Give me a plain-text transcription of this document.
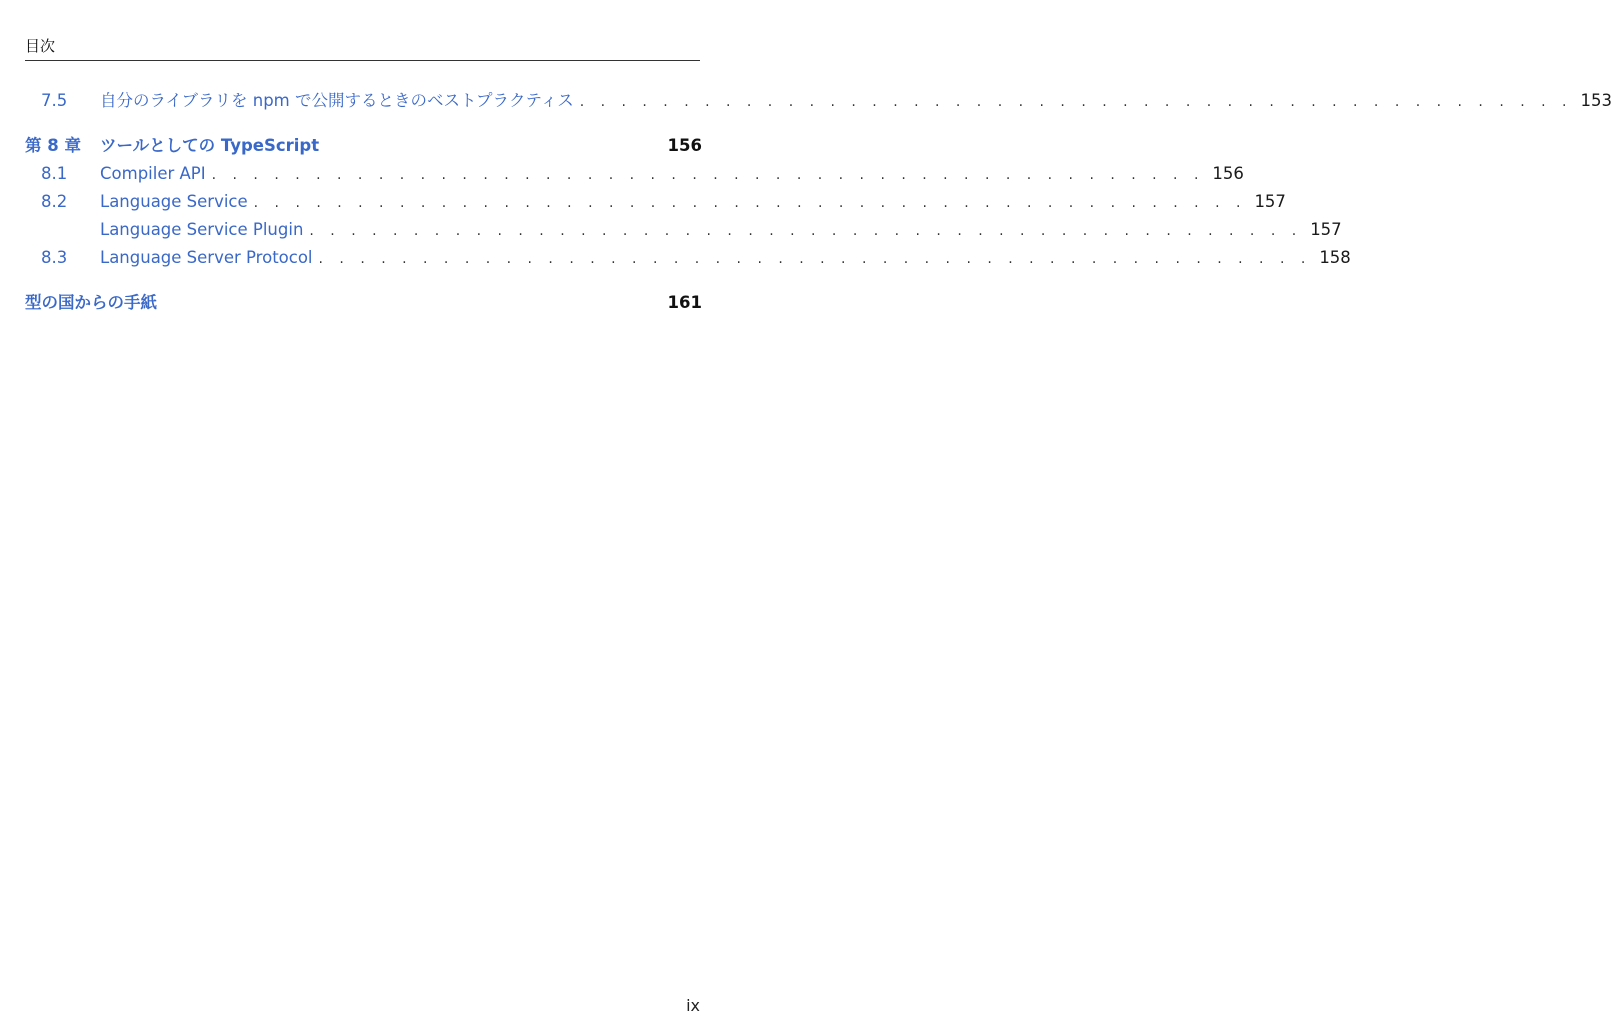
目次
7.5	自分のライブラリを npm で公開するときのベストプラクティス . . . . . . . . . . . . . . . . . . . . . . . . . . . . . . . . . . . . . . . . . . . . . . . . 153
第 8 章	ツールとしての TypeScript	156
8.1	Compiler API . . . . . . . . . . . . . . . . . . . . . . . . . . . . . . . . . . . . . . . . . . . . . . . . 156
8.2	Language Service . . . . . . . . . . . . . . . . . . . . . . . . . . . . . . . . . . . . . . . . . . . . . . . . 157
Language Service Plugin . . . . . . . . . . . . . . . . . . . . . . . . . . . . . . . . . . . . . . . . . . . . . . . . 157
8.3	Language Server Protocol . . . . . . . . . . . . . . . . . . . . . . . . . . . . . . . . . . . . . . . . . . . . . . . . 158
型の国からの手紙	161
ix
